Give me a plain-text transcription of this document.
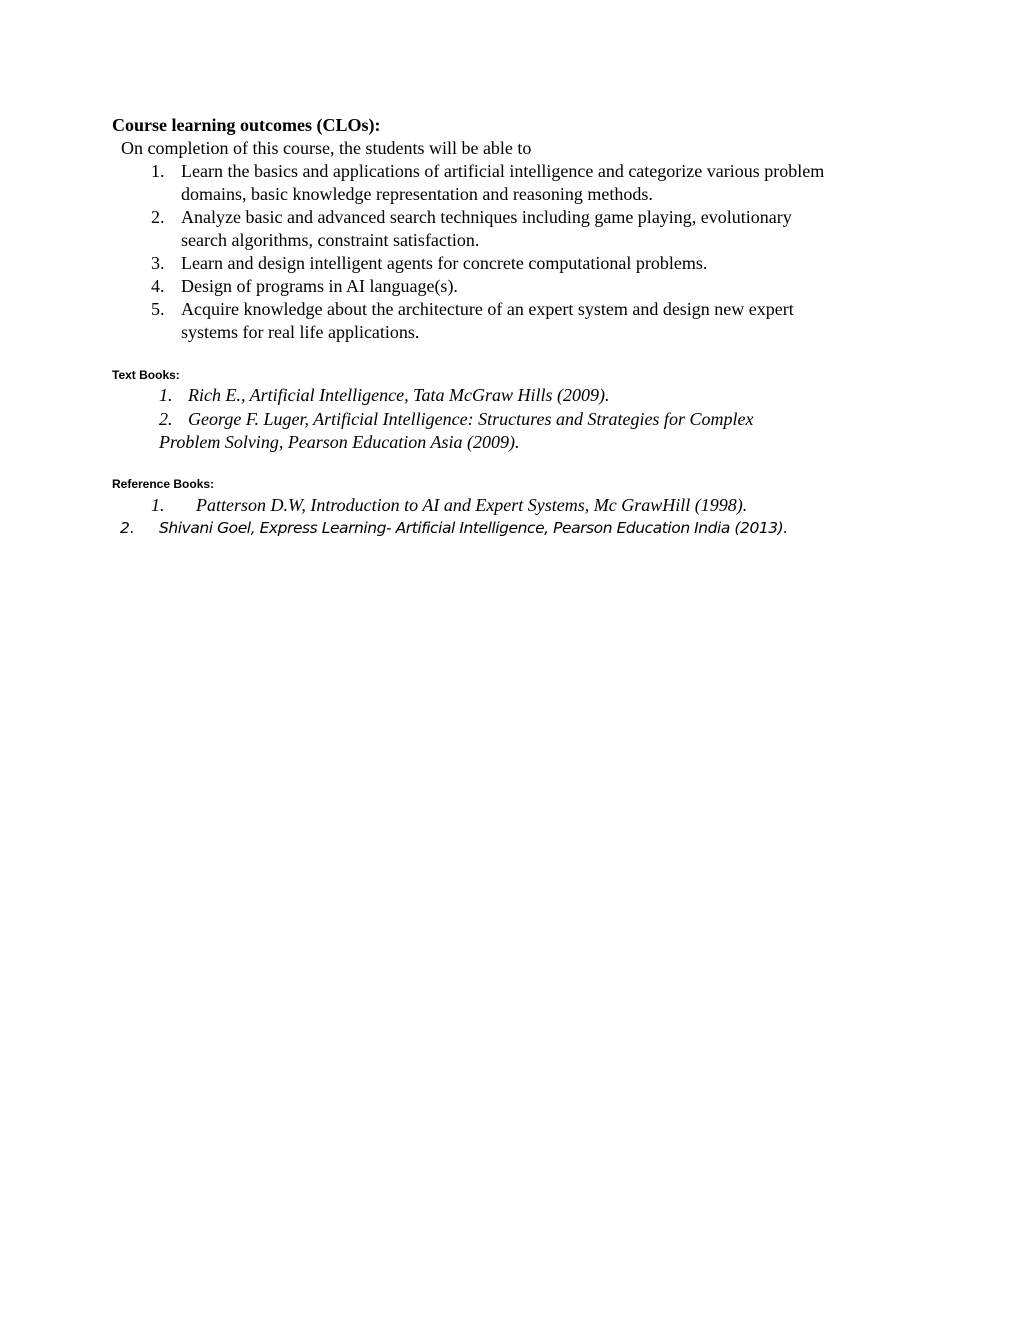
Course learning outcomes (CLOs):
On completion of this course, the students will be able to
1. Learn the basics and applications of artificial intelligence and categorize various problem
domains, basic knowledge representation and reasoning methods.
2. Analyze basic and advanced search techniques including game playing, evolutionary
search algorithms, constraint satisfaction.
3. Learn and design intelligent agents for concrete computational problems.
4. Design of programs in AI language(s).
5. Acquire knowledge about the architecture of an expert system and design new expert
systems for real life applications.
Text Books:
1. Rich E., Artificial Intelligence, Tata McGraw Hills (2009).
2. George F. Luger, Artificial Intelligence: Structures and Strategies for Complex
Problem Solving, Pearson Education Asia (2009).
Reference Books:
1. Patterson D.W, Introduction to AI and Expert Systems, Mc GrawHill (1998).
2. Shivani Goel, Express Learning- Artificial Intelligence, Pearson Education India (2013).
